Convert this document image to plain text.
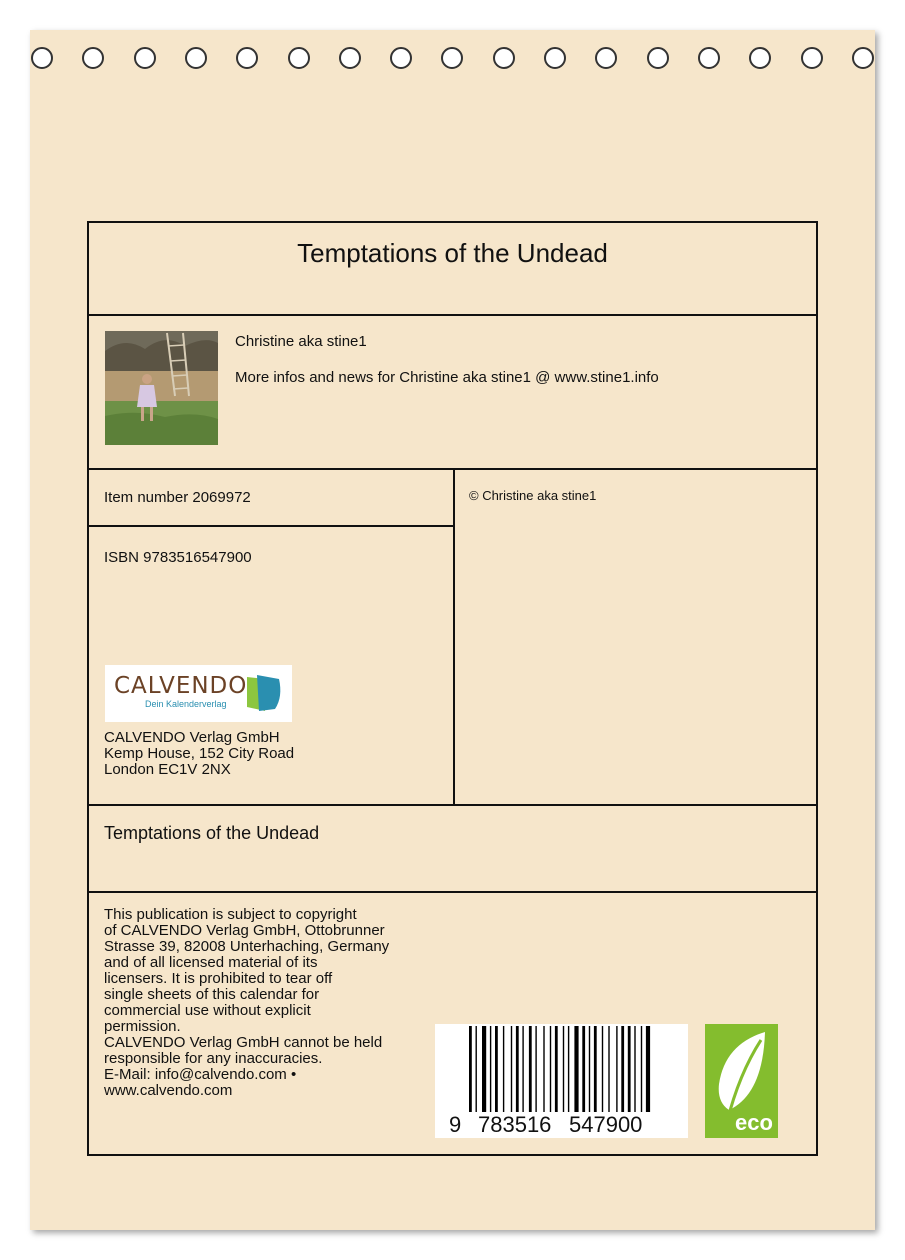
Temptations of the Undead
Christine aka stine1
More infos and news for Christine aka stine1 @ www.stine1.info
Item number 2069972	© Christine aka stine1
ISBN 9783516547900
CALVENDO
Dein Kalenderverlag
CALVENDO Verlag GmbH
Kemp House, 152 City Road
London EC1V 2NX
Temptations of the Undead
This publication is subject to copyright
of CALVENDO Verlag GmbH, Ottobrunner
Strasse 39, 82008 Unterhaching, Germany
and of all licensed material of its
licensers. It is prohibited to tear off
single sheets of this calendar for
commercial use without explicit
permission.
CALVENDO Verlag GmbH cannot be held
responsible for any inaccuracies.
E-Mail: info@calvendo.com •
www.calvendo.com
9 783516 547900	eco
